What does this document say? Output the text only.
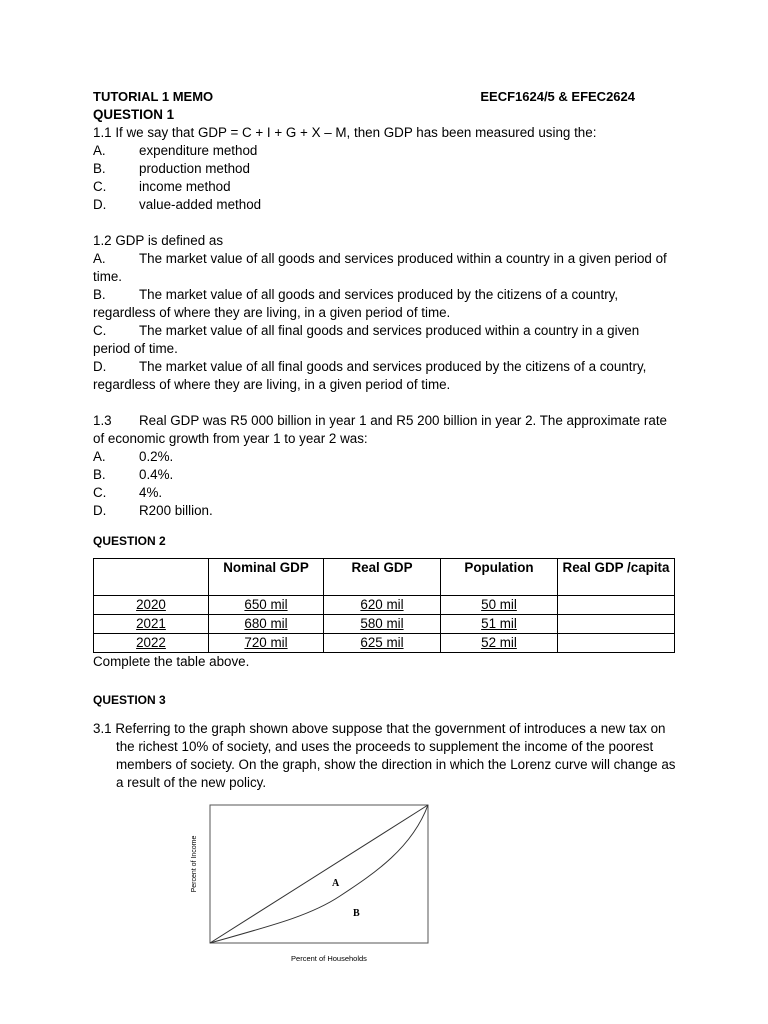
TUTORIAL 1 MEMO	EECF1624/5 & EFEC2624
QUESTION 1
1.1 If we say that GDP = C + I + G + X – M, then GDP has been measured using the:
A.	expenditure method
B.	production method
C.	income method
D.	value-added method
1.2 GDP is defined as
A. The market value of all goods and services produced within a country in a given period of time.
B. The market value of all goods and services produced by the citizens of a country, regardless of where they are living, in a given period of time.
C. The market value of all final goods and services produced within a country in a given period of time.
D. The market value of all final goods and services produced by the citizens of a country, regardless of where they are living, in a given period of time.
1.3 Real GDP was R5 000 billion in year 1 and R5 200 billion in year 2. The approximate rate of economic growth from year 1 to year 2 was:
A.	0.2%.
B.	0.4%.
C.	4%.
D.	R200 billion.
QUESTION 2
	Nominal GDP	Real GDP	Population	Real GDP /capita
2020	650 mil	620 mil	50 mil	
2021	680 mil	580 mil	51 mil	
2022	720 mil	625 mil	52 mil	
Complete the table above.
QUESTION 3
3.1 Referring to the graph shown above suppose that the government of introduces a new tax on the richest 10% of society, and uses the proceeds to supplement the income of the poorest members of society. On the graph, show the direction in which the Lorenz curve will change as a result of the new policy.
A
B
Percent of Income
Percent of Households
